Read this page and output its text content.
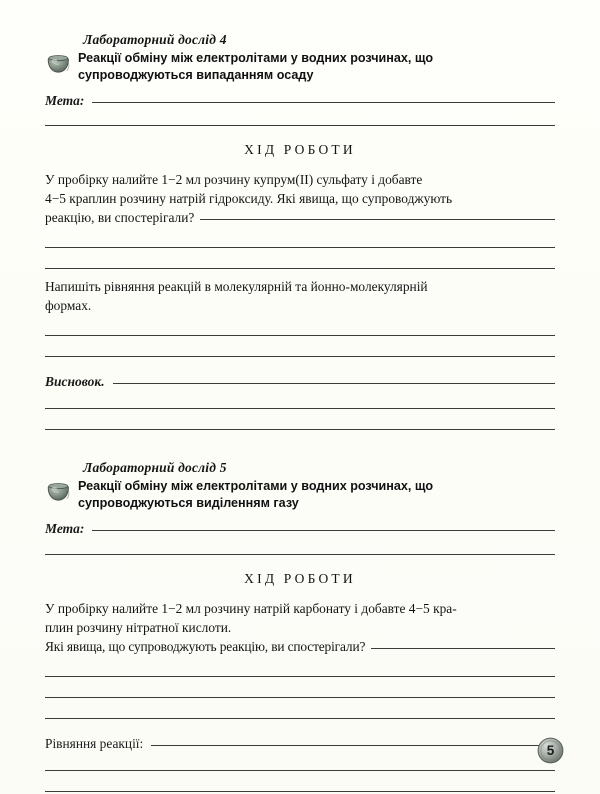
Лабораторний дослід 4

Реакції обміну між електролітами у водних розчинах, що
супроводжуються випаданням осаду

Мета:
ХІД РОБОТИ
У пробірку налийте 1−2 мл розчину купрум(II) сульфату і добавте
4−5 краплин розчину натрій гідроксиду. Які явища, що супроводжують
реакцію, ви спостерігали?
Напишіть рівняння реакцій в молекулярній та йонно-молекулярній
формах.
Висновок.
Лабораторний дослід 5

Реакції обміну між електролітами у водних розчинах, що
супроводжуються виділенням газу

Мета:
ХІД РОБОТИ
У пробірку налийте 1−2 мл розчину натрій карбонату і добавте 4−5 кра-
плин розчину нітратної кислоти.
Які явища, що супроводжують реакцію, ви спостерігали?
Рівняння реакції:	5
